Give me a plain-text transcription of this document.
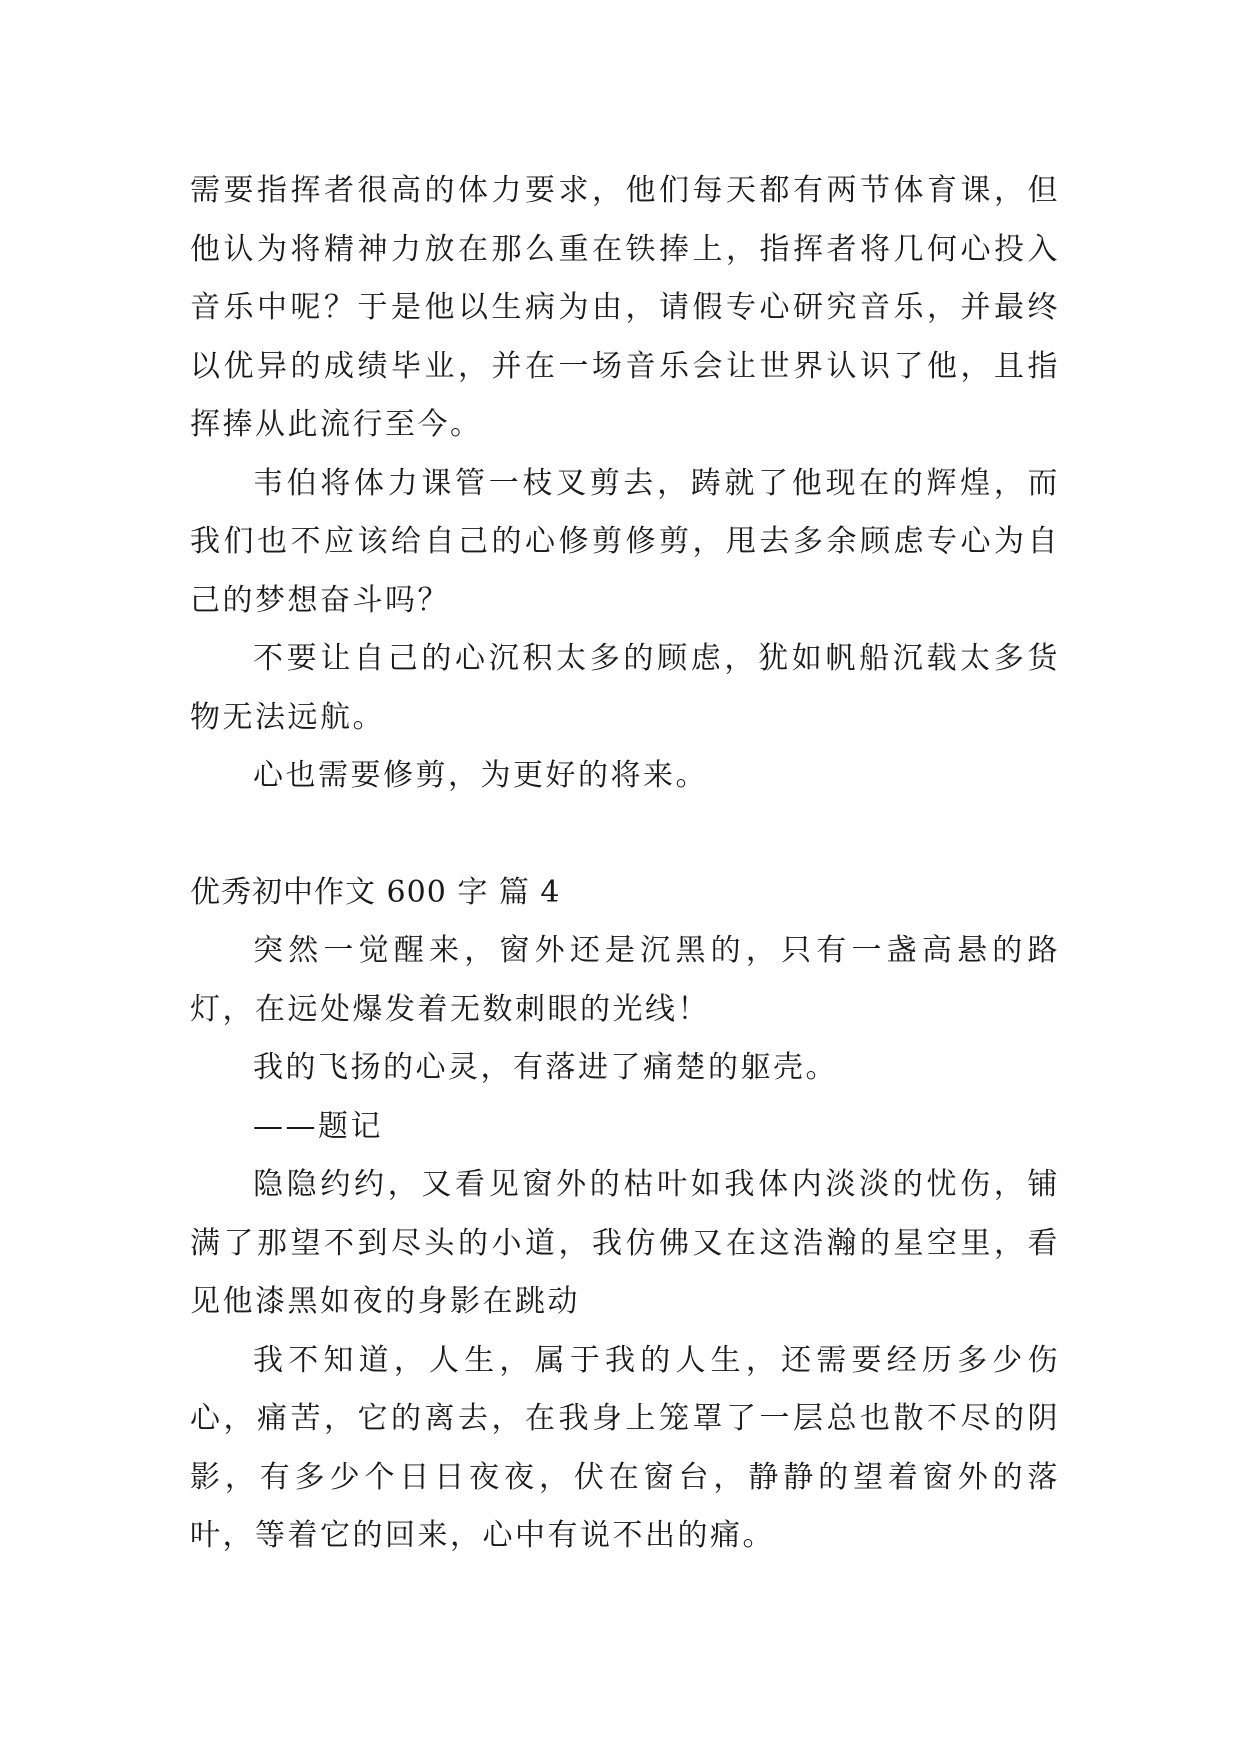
需要指挥者很高的体力要求，他们每天都有两节体育课，但他认为将精神力放在那么重在铁捧上，指挥者将几何心投入音乐中呢？于是他以生病为由，请假专心研究音乐，并最终以优异的成绩毕业，并在一场音乐会让世界认识了他，且指挥捧从此流行至今。

韦伯将体力课管一枝叉剪去，踌就了他现在的辉煌，而我们也不应该给自己的心修剪修剪，甩去多余顾虑专心为自己的梦想奋斗吗？

不要让自己的心沉积太多的顾虑，犹如帆船沉载太多货物无法远航。

心也需要修剪，为更好的将来。

优秀初中作文 600 字 篇 4

突然一觉醒来，窗外还是沉黑的，只有一盏高悬的路灯，在远处爆发着无数刺眼的光线！

我的飞扬的心灵，有落进了痛楚的躯壳。

——题记

隐隐约约，又看见窗外的枯叶如我体内淡淡的忧伤，铺满了那望不到尽头的小道，我仿佛又在这浩瀚的星空里，看见他漆黑如夜的身影在跳动

我不知道，人生，属于我的人生，还需要经历多少伤心，痛苦，它的离去，在我身上笼罩了一层总也散不尽的阴影，有多少个日日夜夜，伏在窗台，静静的望着窗外的落叶，等着它的回来，心中有说不出的痛。
